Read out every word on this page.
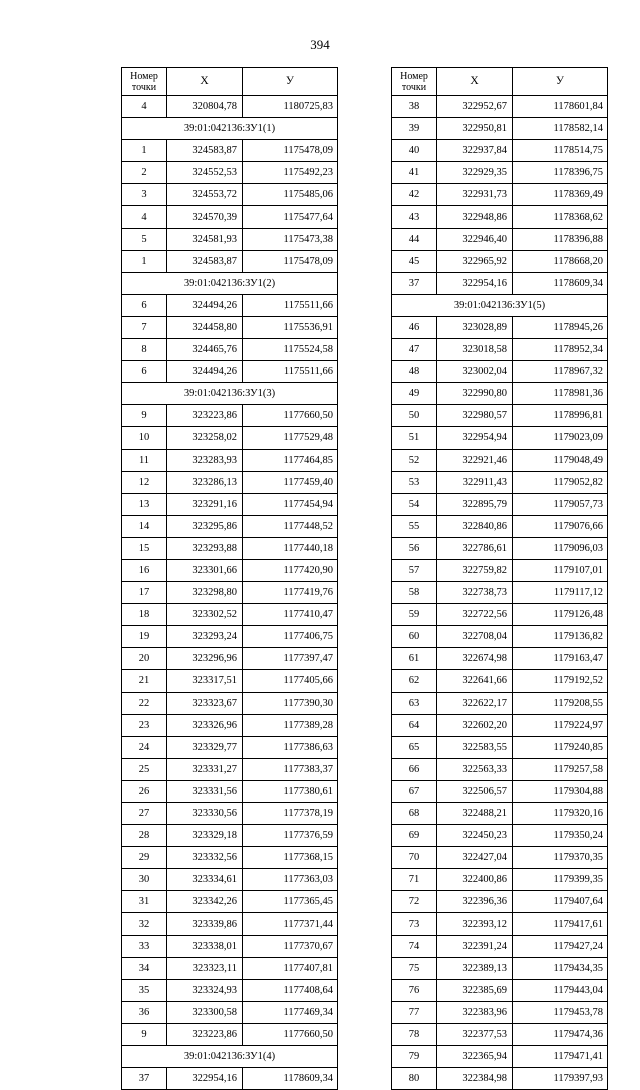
394
Номер
точки	X	У
4	320804,78	1180725,83
39:01:042136:ЗУ1(1)		
1	324583,87	1175478,09
2	324552,53	1175492,23
3	324553,72	1175485,06
4	324570,39	1175477,64
5	324581,93	1175473,38
1	324583,87	1175478,09
39:01:042136:ЗУ1(2)		
6	324494,26	1175511,66
7	324458,80	1175536,91
8	324465,76	1175524,58
6	324494,26	1175511,66
39:01:042136:ЗУ1(3)		
9	323223,86	1177660,50
10	323258,02	1177529,48
11	323283,93	1177464,85
12	323286,13	1177459,40
13	323291,16	1177454,94
14	323295,86	1177448,52
15	323293,88	1177440,18
16	323301,66	1177420,90
17	323298,80	1177419,76
18	323302,52	1177410,47
19	323293,24	1177406,75
20	323296,96	1177397,47
21	323317,51	1177405,66
22	323323,67	1177390,30
23	323326,96	1177389,28
24	323329,77	1177386,63
25	323331,27	1177383,37
26	323331,56	1177380,61
27	323330,56	1177378,19
28	323329,18	1177376,59
29	323332,56	1177368,15
30	323334,61	1177363,03
31	323342,26	1177365,45
32	323339,86	1177371,44
33	323338,01	1177370,67
34	323323,11	1177407,81
35	323324,93	1177408,64
36	323300,58	1177469,34
9	323223,86	1177660,50
39:01:042136:ЗУ1(4)		
37	322954,16	1178609,34
Номер
точки	X	У
38	322952,67	1178601,84
39	322950,81	1178582,14
40	322937,84	1178514,75
41	322929,35	1178396,75
42	322931,73	1178369,49
43	322948,86	1178368,62
44	322946,40	1178396,88
45	322965,92	1178668,20
37	322954,16	1178609,34
39:01:042136:ЗУ1(5)		
46	323028,89	1178945,26
47	323018,58	1178952,34
48	323002,04	1178967,32
49	322990,80	1178981,36
50	322980,57	1178996,81
51	322954,94	1179023,09
52	322921,46	1179048,49
53	322911,43	1179052,82
54	322895,79	1179057,73
55	322840,86	1179076,66
56	322786,61	1179096,03
57	322759,82	1179107,01
58	322738,73	1179117,12
59	322722,56	1179126,48
60	322708,04	1179136,82
61	322674,98	1179163,47
62	322641,66	1179192,52
63	322622,17	1179208,55
64	322602,20	1179224,97
65	322583,55	1179240,85
66	322563,33	1179257,58
67	322506,57	1179304,88
68	322488,21	1179320,16
69	322450,23	1179350,24
70	322427,04	1179370,35
71	322400,86	1179399,35
72	322396,36	1179407,64
73	322393,12	1179417,61
74	322391,24	1179427,24
75	322389,13	1179434,35
76	322385,69	1179443,04
77	322383,96	1179453,78
78	322377,53	1179474,36
79	322365,94	1179471,41
80	322384,98	1179397,93
